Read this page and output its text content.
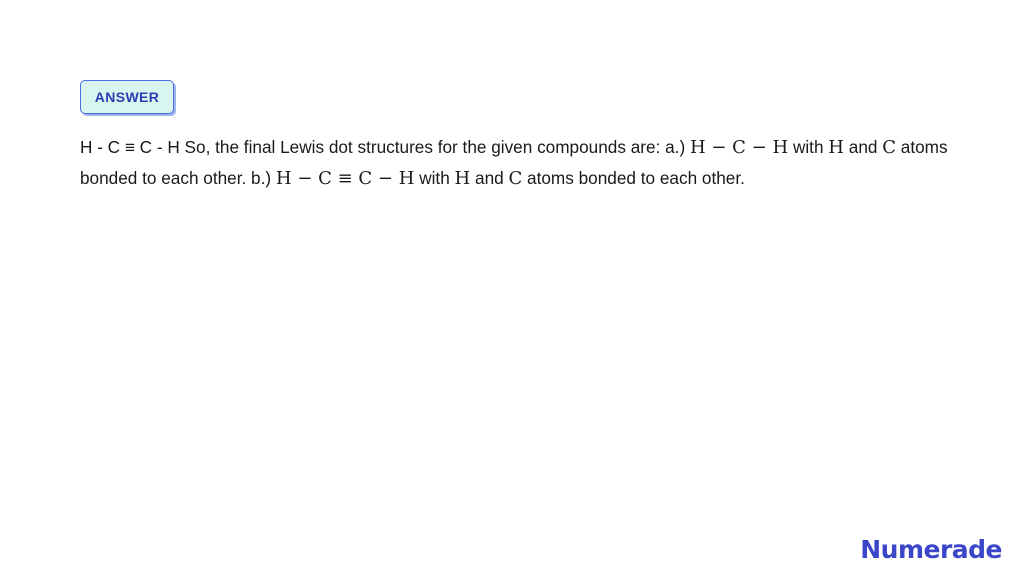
ANSWER

H - C ≡ C - H So, the final Lewis dot structures for the given compounds are: a.) H − C − H with H and C atoms bonded to each other. b.) H − C ≡ C − H with H and C atoms bonded to each other.

Numerade
